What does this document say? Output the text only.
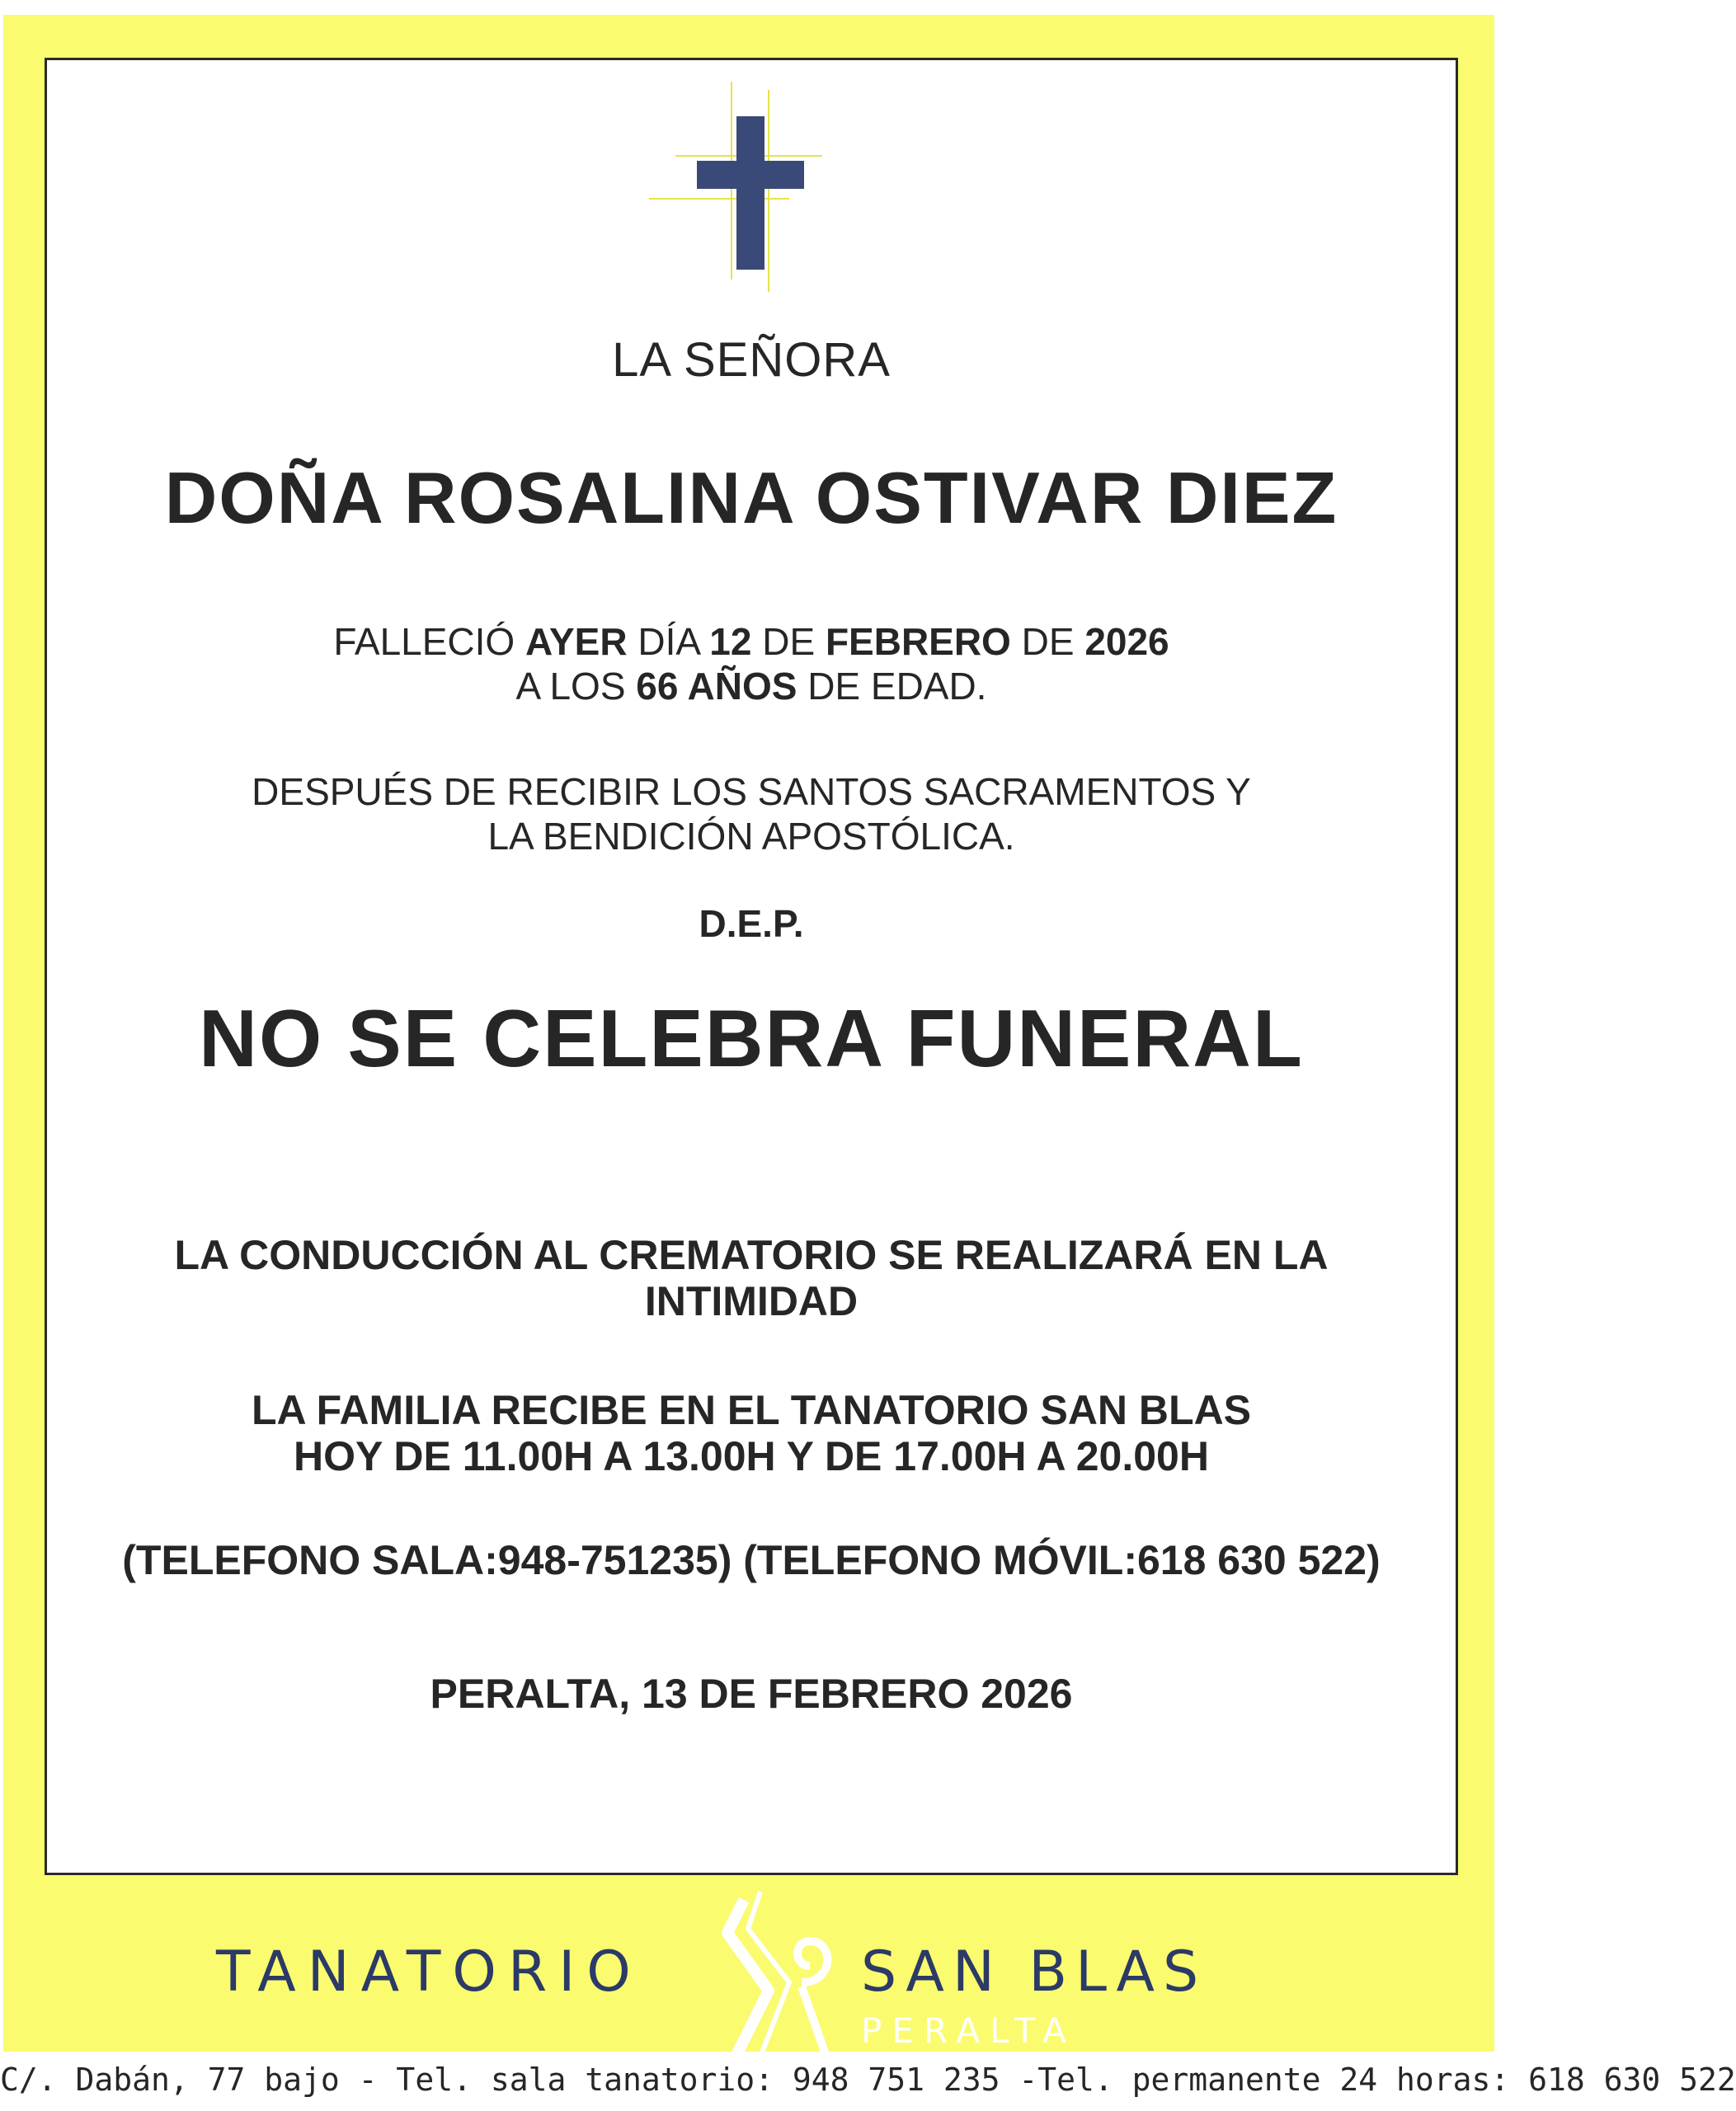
LA SEÑORA
DOÑA ROSALINA OSTIVAR DIEZ
FALLECIÓ AYER DÍA 12 DE FEBRERO DE 2026
A LOS 66 AÑOS DE EDAD.
DESPUÉS DE RECIBIR LOS SANTOS SACRAMENTOS Y
LA BENDICIÓN APOSTÓLICA.
D.E.P.
NO SE CELEBRA FUNERAL
LA CONDUCCIÓN AL CREMATORIO SE REALIZARÁ EN LA
INTIMIDAD
LA FAMILIA RECIBE EN EL TANATORIO SAN BLAS
HOY DE 11.00H A 13.00H Y DE 17.00H A 20.00H
(TELEFONO SALA:948-751235) (TELEFONO MÓVIL:618 630 522)
PERALTA, 13 DE FEBRERO 2026
TANATORIO	SAN BLAS
PERALTA
C/. Dabán, 77 bajo - Tel. sala tanatorio: 948 751 235 -Tel. permanente 24 horas: 618 630 522
